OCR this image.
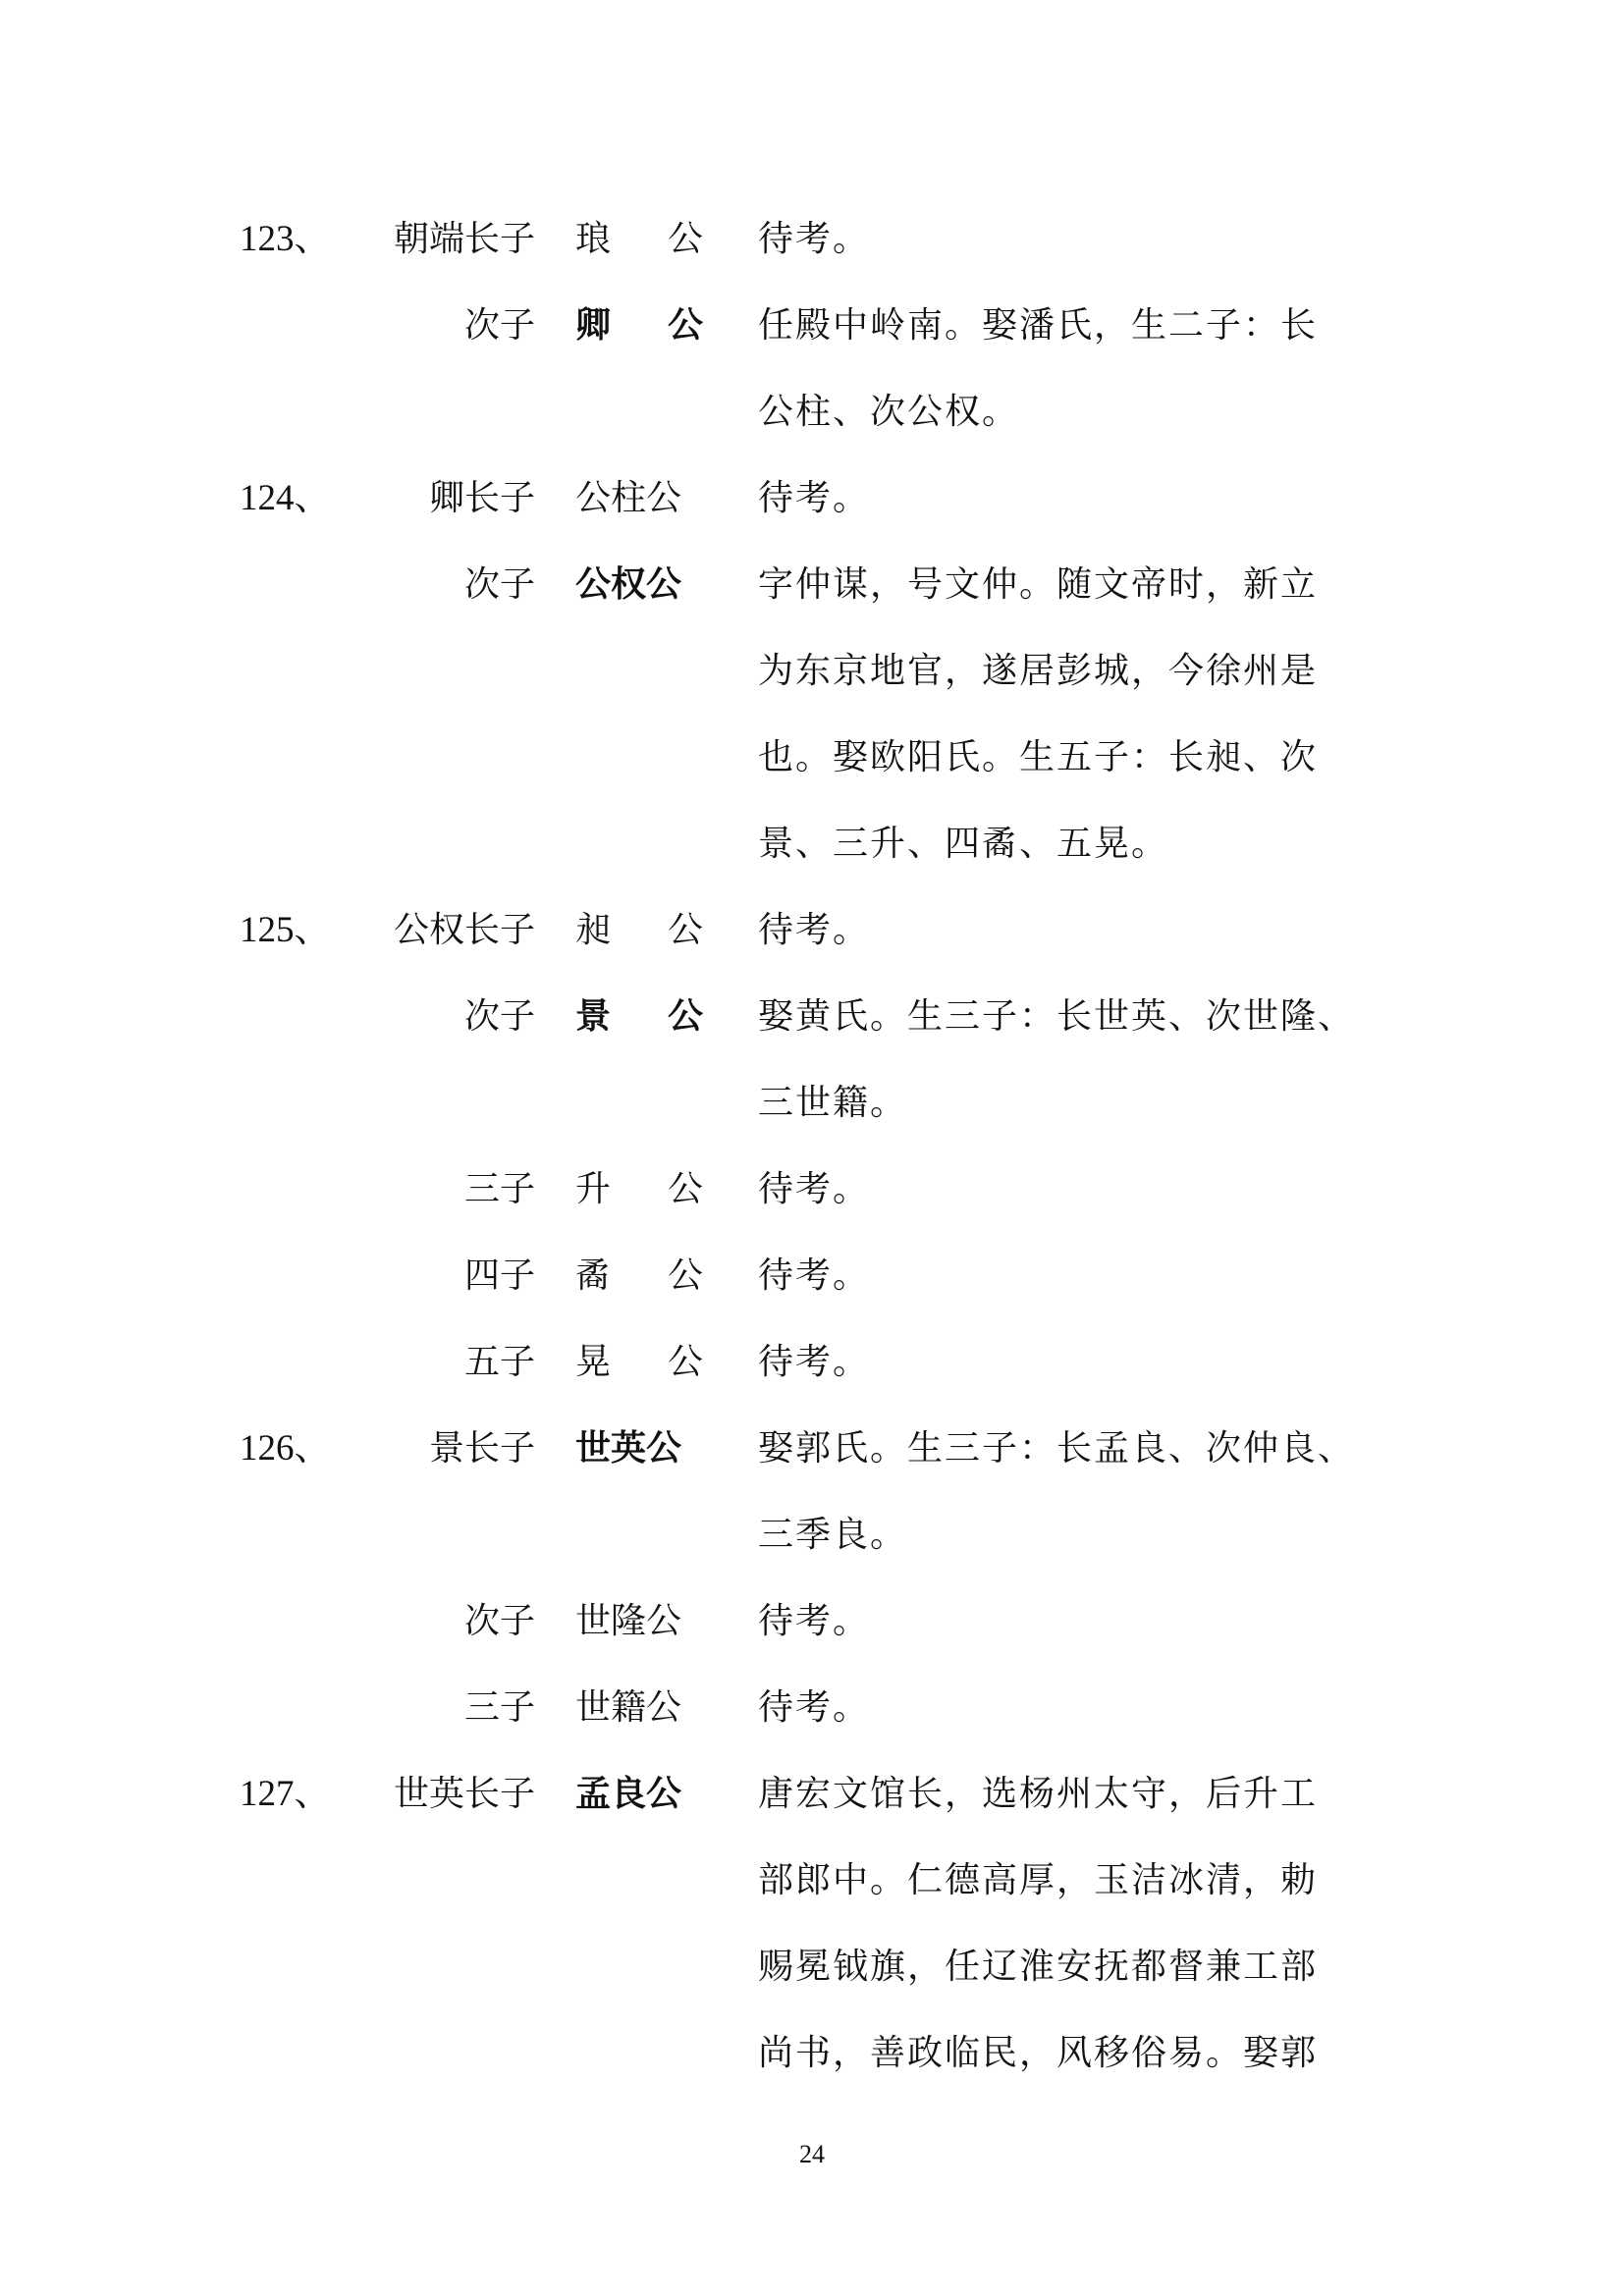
123、	朝端长子 琅 公 待考。
次子 卿 公 任殿中岭南。娶潘氏，生二子：长
公柱、次公权。
124、	卿长子 公柱公 待考。
次子 公权公 字仲谋，号文仲。随文帝时，新立
为东京地官，遂居彭城，今徐州是
也。娶欧阳氏。生五子：长昶、次
景、三升、四矞、五晃。
125、	公权长子 昶 公 待考。
次子 景 公 娶黄氏。生三子：长世英、次世隆、
三世籍。
三子 升 公 待考。
四子 矞 公 待考。
五子 晃 公 待考。
126、	景长子 世英公 娶郭氏。生三子：长孟良、次仲良、
三季良。
次子 世隆公 待考。
三子 世籍公 待考。
127、	世英长子 孟良公 唐宏文馆长，选杨州太守，后升工
部郎中。仁德高厚，玉洁冰清，勅
赐冕钺旗，任辽淮安抚都督兼工部
尚书，善政临民，风移俗易。娶郭
24
